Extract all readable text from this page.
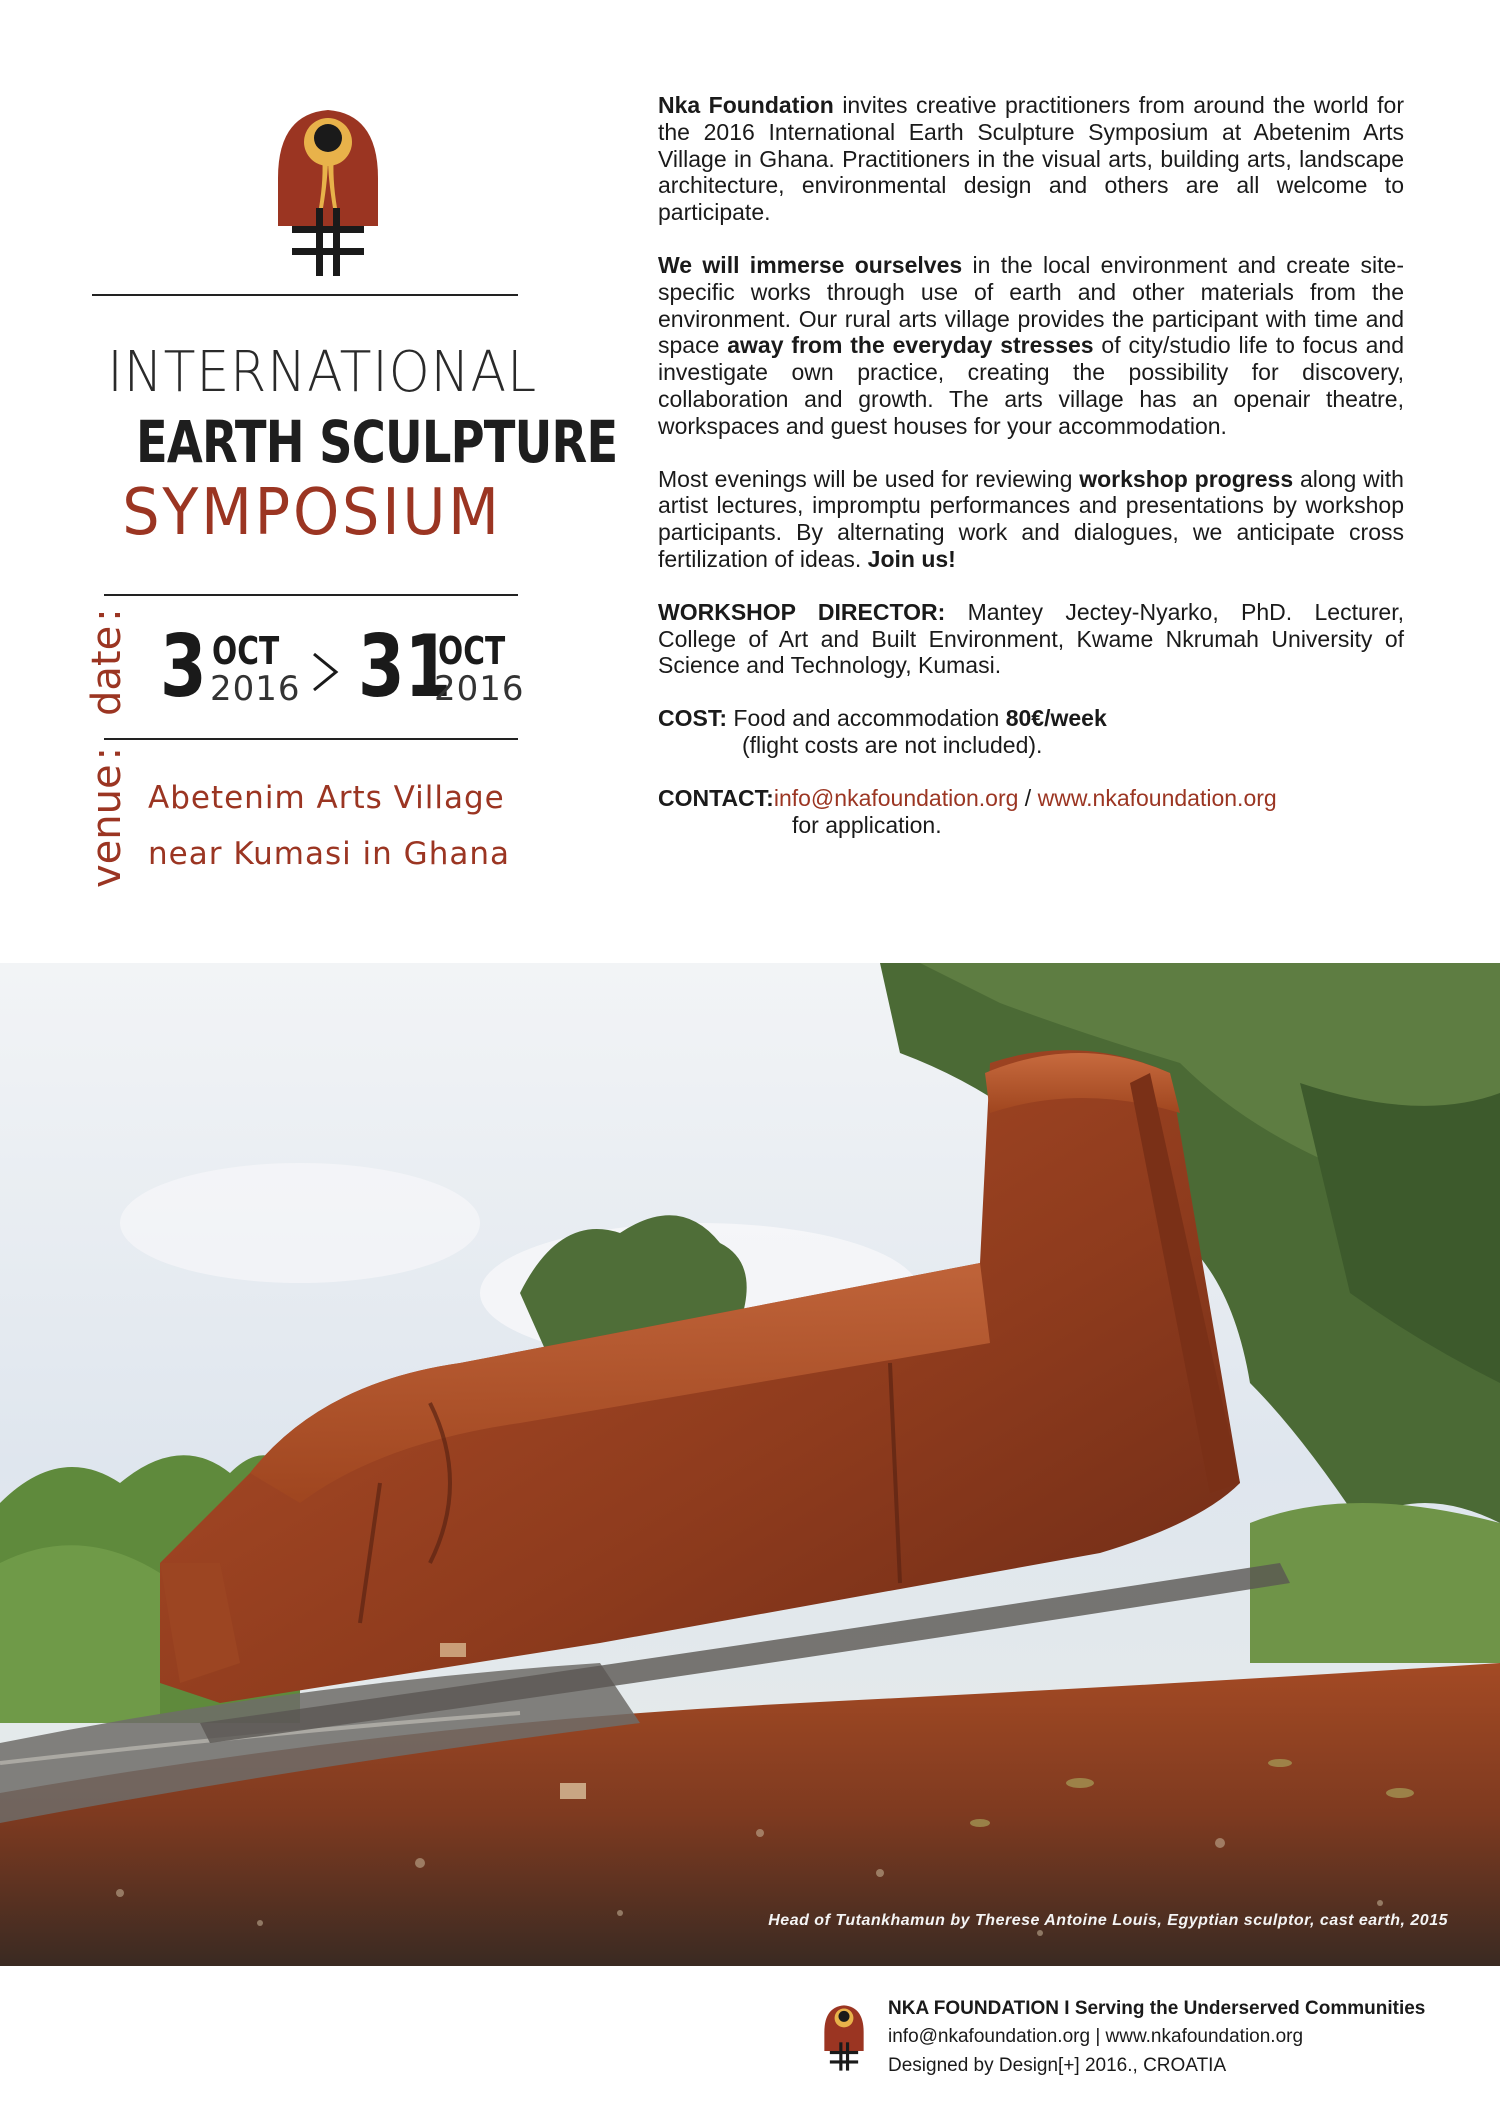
INTERNATIONAL
EARTH SCULPTURE
SYMPOSIUM
date:
venue:
3 OCT
2016 31
OCT
2016
Abetenim Arts Village
near Kumasi in Ghana

Nka Foundation invites creative practitioners from around the world for the 2016 International Earth Sculpture Symposium at Abetenim Arts Village in Ghana. Practitioners in the visual arts, building arts, landscape architecture, environmental design and others are all welcome to participate.

We will immerse ourselves in the local environment and create site-specific works through use of earth and other materials from the environment. Our rural arts village provides the participant with time and space away from the everyday stresses of city/studio life to focus and investigate own practice, creating the possibility for discovery, collaboration and growth. The arts village has an openair theatre, workspaces and guest houses for your accommodation.

Most evenings will be used for reviewing workshop progress along with artist lectures, impromptu performances and presentations by workshop participants. By alternating work and dialogues, we anticipate cross fertilization of ideas. Join us!

WORKSHOP DIRECTOR: Mantey Jectey-Nyarko, PhD. Lecturer, College of Art and Built Environment, Kwame Nkrumah University of Science and Technology, Kumasi.

COST: Food and accommodation 80€/week
(flight costs are not included).

CONTACT:info@nkafoundation.org / www.nkafoundation.org
for application.

Head of Tutankhamun by Therese Antoine Louis, Egyptian sculptor, cast earth, 2015
NKA FOUNDATION I Serving the Underserved Communities
info@nkafoundation.org | www.nkafoundation.org
Designed by Design[+] 2016., CROATIA
